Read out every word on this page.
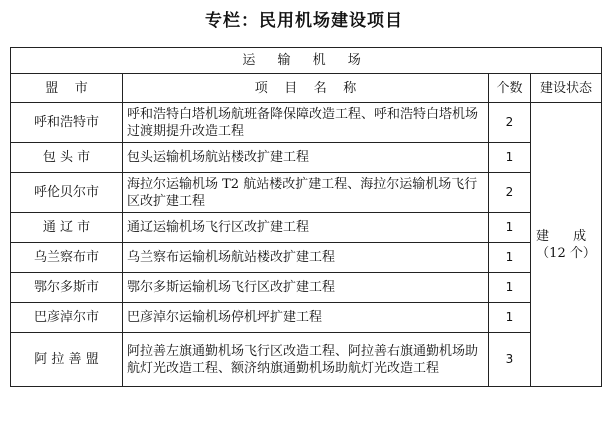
专栏：民用机场建设项目
运 输 机 场			
盟    市	项    目    名    称	个数	建设状态
呼和浩特市	呼和浩特白塔机场航班备降保障改造工程、呼和浩特白塔机场过渡期提升改造工程	2	建 成
（12 个）

包 头 市	包头运输机场航站楼改扩建工程	1	
呼伦贝尔市	海拉尔运输机场 T2 航站楼改扩建工程、海拉尔运输机场飞行区改扩建工程	2	
通 辽 市	通辽运输机场飞行区改扩建工程	1	
乌兰察布市	乌兰察布运输机场航站楼改扩建工程	1	
鄂尔多斯市	鄂尔多斯运输机场飞行区改扩建工程	1	
巴彦淖尔市	巴彦淖尔运输机场停机坪扩建工程	1	
阿 拉 善 盟	阿拉善左旗通勤机场飞行区改造工程、阿拉善右旗通勤机场助航灯光改造工程、额济纳旗通勤机场助航灯光改造工程	3	
